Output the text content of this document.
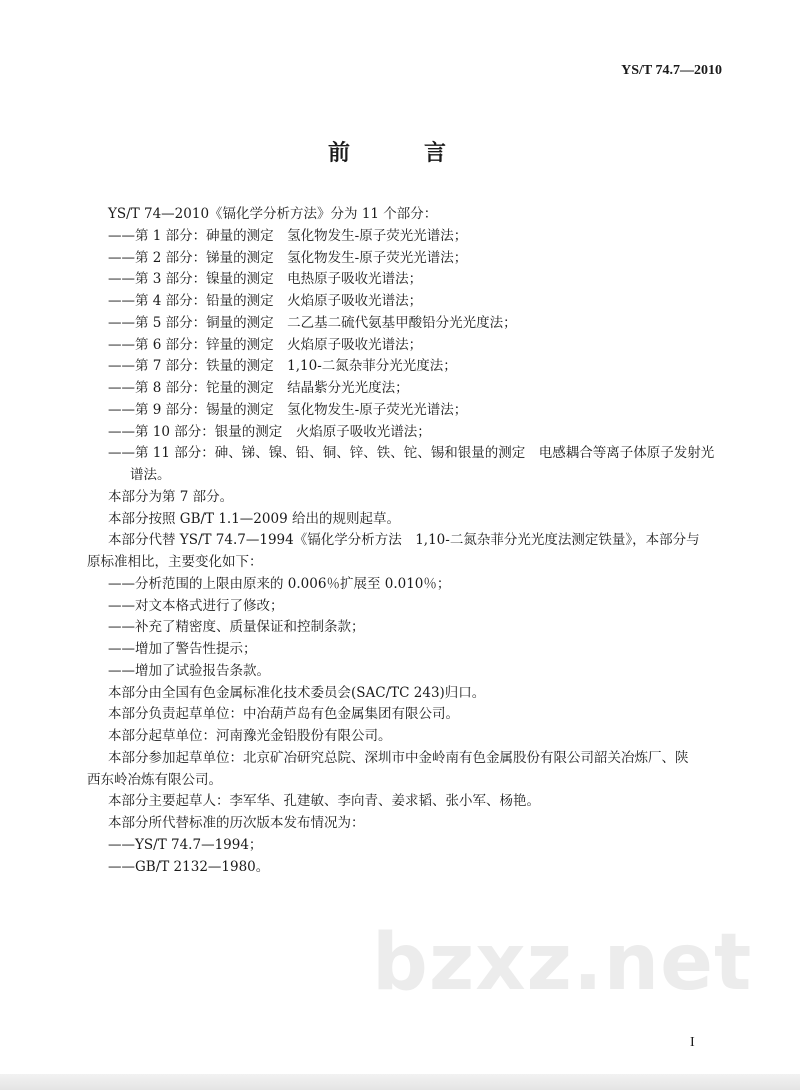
YS/T 74.7—2010
前　言
YS/T 74—2010《镉化学分析方法》分为 11 个部分：
——第 1 部分：砷量的测定　氢化物发生-原子荧光光谱法；
——第 2 部分：锑量的测定　氢化物发生-原子荧光光谱法；
——第 3 部分：镍量的测定　电热原子吸收光谱法；
——第 4 部分：铅量的测定　火焰原子吸收光谱法；
——第 5 部分：铜量的测定　二乙基二硫代氨基甲酸铅分光光度法；
——第 6 部分：锌量的测定　火焰原子吸收光谱法；
——第 7 部分：铁量的测定　1,10-二氮杂菲分光光度法；
——第 8 部分：铊量的测定　结晶紫分光光度法；
——第 9 部分：锡量的测定　氢化物发生-原子荧光光谱法；
——第 10 部分：银量的测定　火焰原子吸收光谱法；
——第 11 部分：砷、锑、镍、铅、铜、锌、铁、铊、锡和银量的测定　电感耦合等离子体原子发射光
谱法。
本部分为第 7 部分。
本部分按照 GB/T 1.1—2009 给出的规则起草。
本部分代替 YS/T 74.7—1994《镉化学分析方法　1,10-二氮杂菲分光光度法测定铁量》，本部分与
原标准相比，主要变化如下：
——分析范围的上限由原来的 0.006％扩展至 0.010％；
——对文本格式进行了修改；
——补充了精密度、质量保证和控制条款；
——增加了警告性提示；
——增加了试验报告条款。
本部分由全国有色金属标准化技术委员会(SAC/TC 243)归口。
本部分负责起草单位：中冶葫芦岛有色金属集团有限公司。
本部分起草单位：河南豫光金铅股份有限公司。
本部分参加起草单位：北京矿冶研究总院、深圳市中金岭南有色金属股份有限公司韶关冶炼厂、陕
西东岭冶炼有限公司。
本部分主要起草人：李军华、孔建敏、李向青、姜求韬、张小军、杨艳。
本部分所代替标准的历次版本发布情况为：
——YS/T 74.7—1994；
——GB/T 2132—1980。
bzxz.net
I
